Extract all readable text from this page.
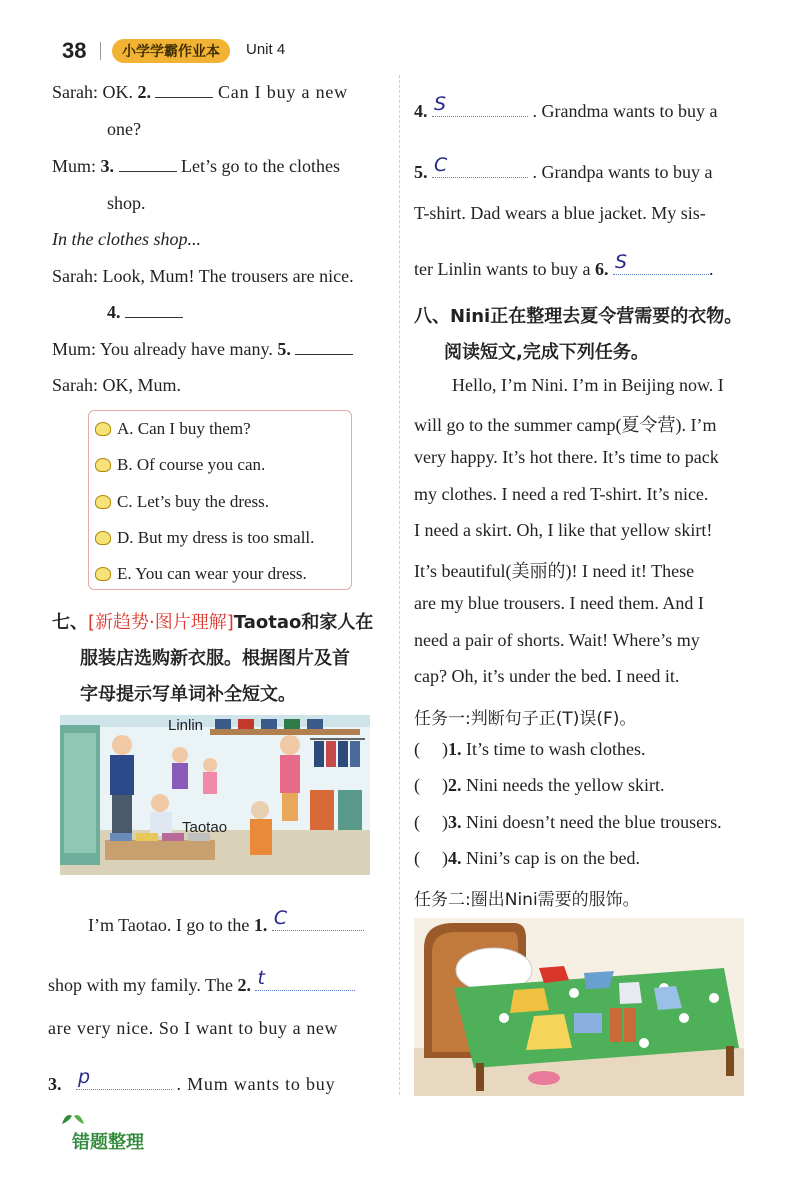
38	小学学霸作业本	Unit 4
Sarah: OK. 2.	Can I buy a new
one?
Mum: 3.	Let’s go to the clothes
shop.
In the clothes shop...
Sarah: Look, Mum! The trousers are nice.
4.
Mum: You already have many. 5.
Sarah: OK, Mum.
A. Can I buy them?
B. Of course you can.
C. Let’s buy the dress.
D. But my dress is too small.
E. You can wear your dress.
七、[新趋势·图片理解]Taotao和家人在
服装店选购新衣服。根据图片及首
字母提示写单词补全短文。
Linlin
Taotao
I’m Taotao. I go to the 1. C
shop with my family. The 2. t
are very nice. So I want to buy a new
3. p	. Mum wants to buy
4. S	. Grandma wants to buy a
5. C	. Grandpa wants to buy a
T-shirt. Dad wears a blue jacket. My sis-
ter Linlin wants to buy a 6. S	.
八、Nini正在整理去夏令营需要的衣物。
阅读短文,完成下列任务。
Hello, I’m Nini. I’m in Beijing now. I
will go to the summer camp(夏令营). I’m
very happy. It’s hot there. It’s time to pack
my clothes. I need a red T-shirt. It’s nice.
I need a skirt. Oh, I like that yellow skirt!
It’s beautiful(美丽的)! I need it! These
are my blue trousers. I need them. And I
need a pair of shorts. Wait! Where’s my
cap? Oh, it’s under the bed. I need it.
任务一:判断句子正(T)误(F)。
( )1. It’s time to wash clothes.
( )2. Nini needs the yellow skirt.
( )3. Nini doesn’t need the blue trousers.
( )4. Nini’s cap is on the bed.
任务二:圈出Nini需要的服饰。
错题整理
